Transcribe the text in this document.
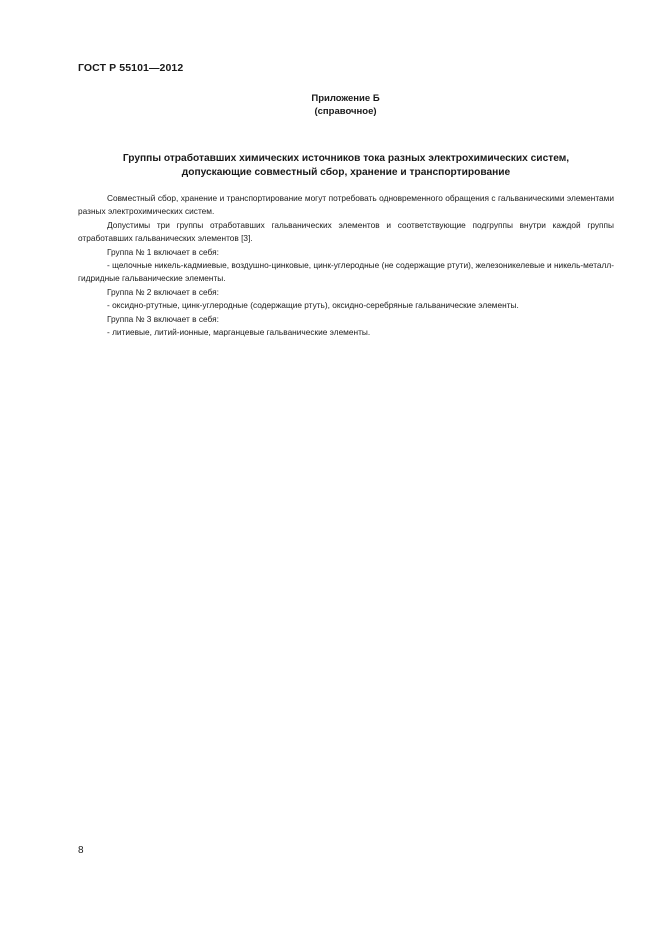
ГОСТ Р 55101—2012
Приложение Б
(справочное)
Группы отработавших химических источников тока разных электрохимических систем,
допускающие совместный сбор, хранение и транспортирование

Совместный сбор, хранение и транспортирование могут потребовать одновременного обращения с гальваническими элементами разных электрохимических систем.

Допустимы три группы отработавших гальванических элементов и соответствующие подгруппы внутри каждой группы отработавших гальванических элементов [3].

Группа № 1 включает в себя:

- щелочные никель-кадмиевые, воздушно-цинковые, цинк-углеродные (не содержащие ртути), железоникелевые и никель-металл-гидридные гальванические элементы.

Группа № 2 включает в себя:

- оксидно-ртутные, цинк-углеродные (содержащие ртуть), оксидно-серебряные гальванические элементы.

Группа № 3 включает в себя:

- литиевые, литий-ионные, марганцевые гальванические элементы.

8
